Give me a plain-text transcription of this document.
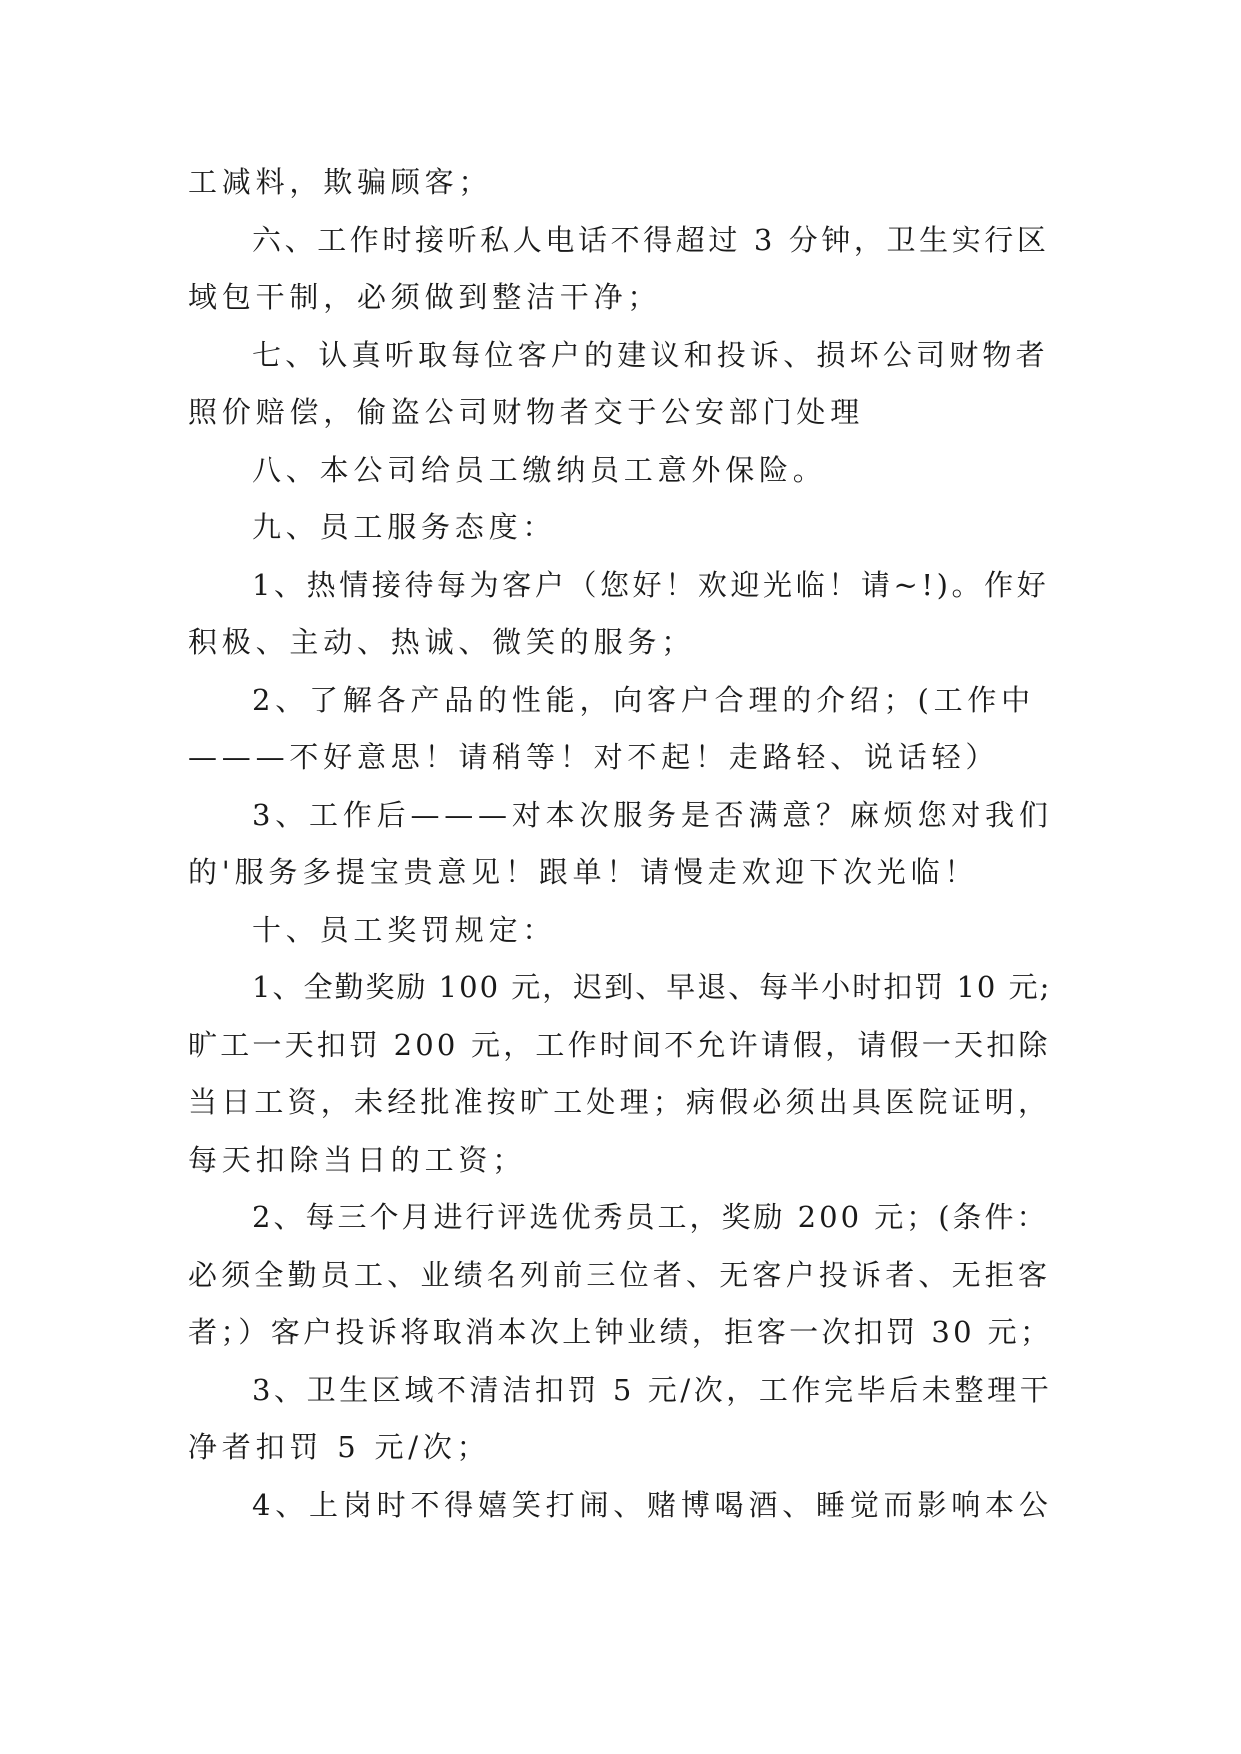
工减料，欺骗顾客；
六、工作时接听私人电话不得超过 3 分钟，卫生实行区
域包干制，必须做到整洁干净；
七、认真听取每位客户的建议和投诉、损坏公司财物者
照价赔偿，偷盗公司财物者交于公安部门处理
八、本公司给员工缴纳员工意外保险。
九、员工服务态度：
1、热情接待每为客户（您好！欢迎光临！请~!)。作好
积极、主动、热诚、微笑的服务；
2、了解各产品的性能，向客户合理的介绍；(工作中
———不好意思！请稍等！对不起！走路轻、说话轻）
3、工作后———对本次服务是否满意？麻烦您对我们
的'服务多提宝贵意见！跟单！请慢走欢迎下次光临！
十、员工奖罚规定：
1、全勤奖励 100 元，迟到、早退、每半小时扣罚 10 元;
旷工一天扣罚 200 元，工作时间不允许请假，请假一天扣除
当日工资，未经批准按旷工处理；病假必须出具医院证明，
每天扣除当日的工资；
2、每三个月进行评选优秀员工，奖励 200 元；(条件：
必须全勤员工、业绩名列前三位者、无客户投诉者、无拒客
者；）客户投诉将取消本次上钟业绩，拒客一次扣罚 30 元；
3、卫生区域不清洁扣罚 5 元/次，工作完毕后未整理干
净者扣罚 5 元/次；
4、上岗时不得嬉笑打闹、赌博喝酒、睡觉而影响本公
